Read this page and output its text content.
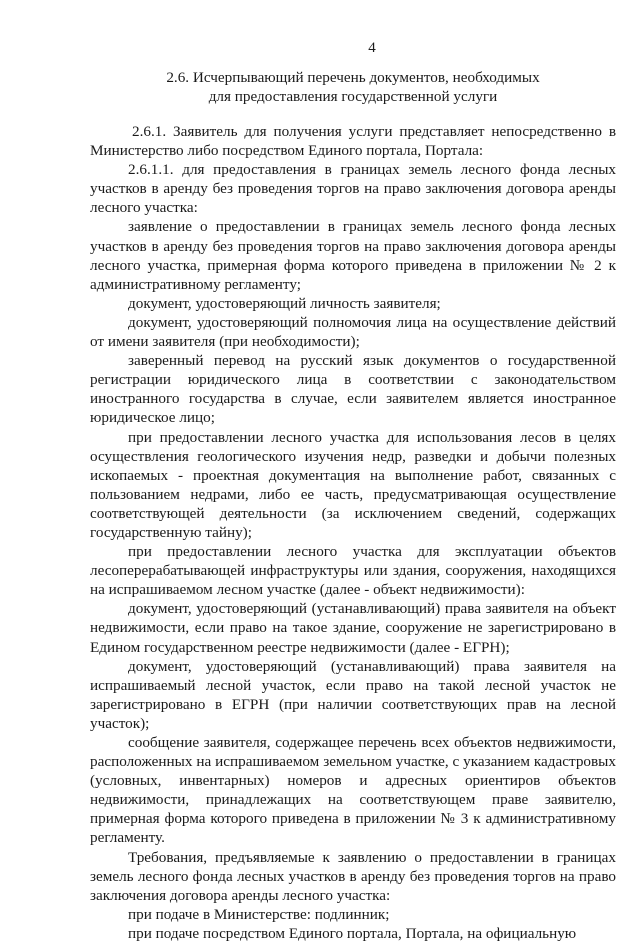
4
2.6. Исчерпывающий перечень документов, необходимых
для предоставления государственной услуги

2.6.1. Заявитель для получения услуги представляет непосредственно в Министерство либо посредством Единого портала, Портала:

2.6.1.1. для предоставления в границах земель лесного фонда лесных участков в аренду без проведения торгов на право заключения договора аренды лесного участка:

заявление о предоставлении в границах земель лесного фонда лесных участков в аренду без проведения торгов на право заключения договора аренды лесного участка, примерная форма которого приведена в приложении № 2 к административному регламенту;

документ, удостоверяющий личность заявителя;

документ, удостоверяющий полномочия лица на осуществление действий от имени заявителя (при необходимости);

заверенный перевод на русский язык документов о государственной регистрации юридического лица в соответствии с законодательством иностранного государства в случае, если заявителем является иностранное юридическое лицо;

при предоставлении лесного участка для использования лесов в целях осуществления геологического изучения недр, разведки и добычи полезных ископаемых - проектная документация на выполнение работ, связанных с пользованием недрами, либо ее часть, предусматривающая осуществление соответствующей деятельности (за исключением сведений, содержащих государственную тайну);

при предоставлении лесного участка для эксплуатации объектов лесоперерабатывающей инфраструктуры или здания, сооружения, находящихся на испрашиваемом лесном участке (далее - объект недвижимости):

документ, удостоверяющий (устанавливающий) права заявителя на объект недвижимости, если право на такое здание, сооружение не зарегистрировано в Едином государственном реестре недвижимости (далее - ЕГРН);

документ, удостоверяющий (устанавливающий) права заявителя на испрашиваемый лесной участок, если право на такой лесной участок не зарегистрировано в ЕГРН (при наличии соответствующих прав на лесной участок);

сообщение заявителя, содержащее перечень всех объектов недвижимости, расположенных на испрашиваемом земельном участке, с указанием кадастровых (условных, инвентарных) номеров и адресных ориентиров объектов недвижимости, принадлежащих на соответствующем праве заявителю, примерная форма которого приведена в приложении № 3 к административному регламенту.

Требования, предъявляемые к заявлению о предоставлении в границах земель лесного фонда лесных участков в аренду без проведения торгов на право заключения договора аренды лесного участка:

при подаче в Министерстве: подлинник;

при подаче посредством Единого портала, Портала, на официальную
